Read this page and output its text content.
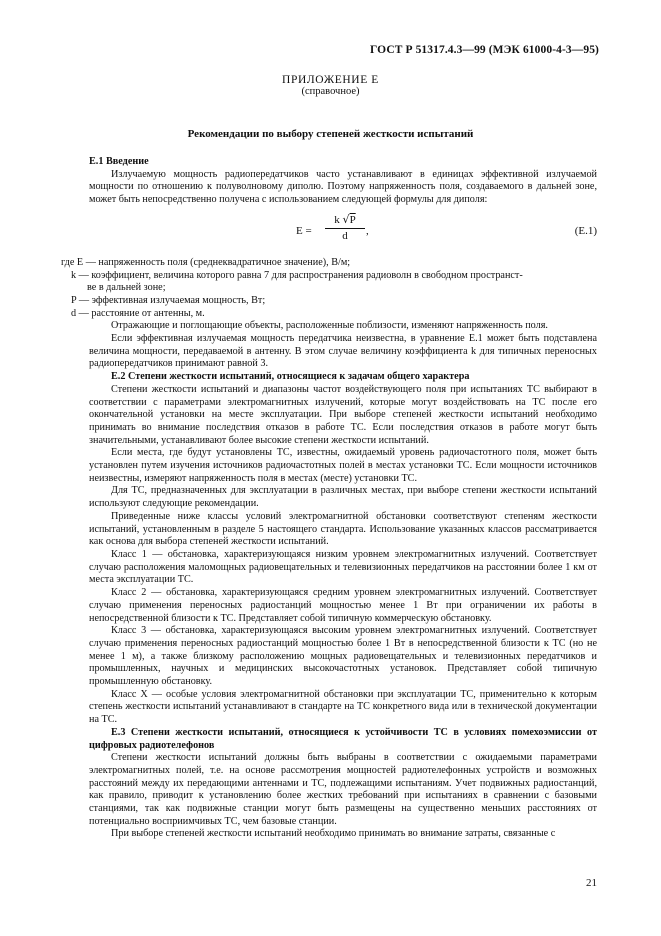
ГОСТ Р 51317.4.3—99 (МЭК 61000-4-3—95)
ПРИЛОЖЕНИЕ Е
(справочное)
Рекомендации по выбору степеней жесткости испытаний

Е.1 Введение

Излучаемую мощность радиопередатчиков часто устанавливают в единицах эффективной излучаемой мощности по отношению к полуволновому диполю. Поэтому напряженность поля, создаваемого в дальней зоне, может быть непосредственно получена с использованием следующей формулы для диполя:

$E = \frac{k √P}{d}$ ,	(Е.1)

где E — напряженность поля (среднеквадратичное значение), В/м;

k — коэффициент, величина которого равна 7 для распространения радиоволн в свободном пространст-

ве в дальней зоне;

P — эффективная излучаемая мощность, Вт;

d — расстояние от антенны, м.

Отражающие и поглощающие объекты, расположенные поблизости, изменяют напряженность поля.

Если эффективная излучаемая мощность передатчика неизвестна, в уравнение Е.1 может быть подставлена величина мощности, передаваемой в антенну. В этом случае величину коэффициента k для типичных переносных радиопередатчиков принимают равной 3.

Е.2 Степени жесткости испытаний, относящиеся к задачам общего характера

Степени жесткости испытаний и диапазоны частот воздействующего поля при испытаниях ТС выбирают в соответствии с параметрами электромагнитных излучений, которые могут воздействовать на ТС после его окончательной установки на месте эксплуатации. При выборе степеней жесткости испытаний необходимо принимать во внимание последствия отказов в работе ТС. Если последствия отказов в работе могут быть значительными, устанавливают более высокие степени жесткости испытаний.

Если места, где будут установлены ТС, известны, ожидаемый уровень радиочастотного поля, может быть установлен путем изучения источников радиочастотных полей в местах установки ТС. Если мощности источников неизвестны, измеряют напряженность поля в местах (месте) установки ТС.

Для ТС, предназначенных для эксплуатации в различных местах, при выборе степени жесткости испытаний используют следующие рекомендации.

Приведенные ниже классы условий электромагнитной обстановки соответствуют степеням жесткости испытаний, установленным в разделе 5 настоящего стандарта. Использование указанных классов рассматривается как основа для выбора степеней жесткости испытаний.

Класс 1 — обстановка, характеризующаяся низким уровнем электромагнитных излучений. Соответствует случаю расположения маломощных радиовещательных и телевизионных передатчиков на расстоянии более 1 км от места эксплуатации ТС.

Класс 2 — обстановка, характеризующаяся средним уровнем электромагнитных излучений. Соответствует случаю применения переносных радиостанций мощностью менее 1 Вт при ограничении их работы в непосредственной близости к ТС. Представляет собой типичную коммерческую обстановку.

Класс 3 — обстановка, характеризующаяся высоким уровнем электромагнитных излучений. Соответствует случаю применения переносных радиостанций мощностью более 1 Вт в непосредственной близости к ТС (но не менее 1 м), а также близкому расположению мощных радиовещательных и телевизионных передатчиков и промышленных, научных и медицинских высокочастотных установок. Представляет собой типичную промышленную обстановку.

Класс X — особые условия электромагнитной обстановки при эксплуатации ТС, применительно к которым степень жесткости испытаний устанавливают в стандарте на ТС конкретного вида или в технической документации на ТС.

Е.3 Степени жесткости испытаний, относящиеся к устойчивости ТС в условиях помехоэмиссии от цифровых радиотелефонов

Степени жесткости испытаний должны быть выбраны в соответствии с ожидаемыми параметрами электромагнитных полей, т.е. на основе рассмотрения мощностей радиотелефонных устройств и возможных расстояний между их передающими антеннами и ТС, подлежащими испытаниям. Учет подвижных радиостанций, как правило, приводит к установлению более жестких требований при испытаниях в сравнении с базовыми станциями, так как подвижные станции могут быть размещены на существенно меньших расстояниях от потенциально восприимчивых ТС, чем базовые станции.

При выборе степеней жесткости испытаний необходимо принимать во внимание затраты, связанные с

21
